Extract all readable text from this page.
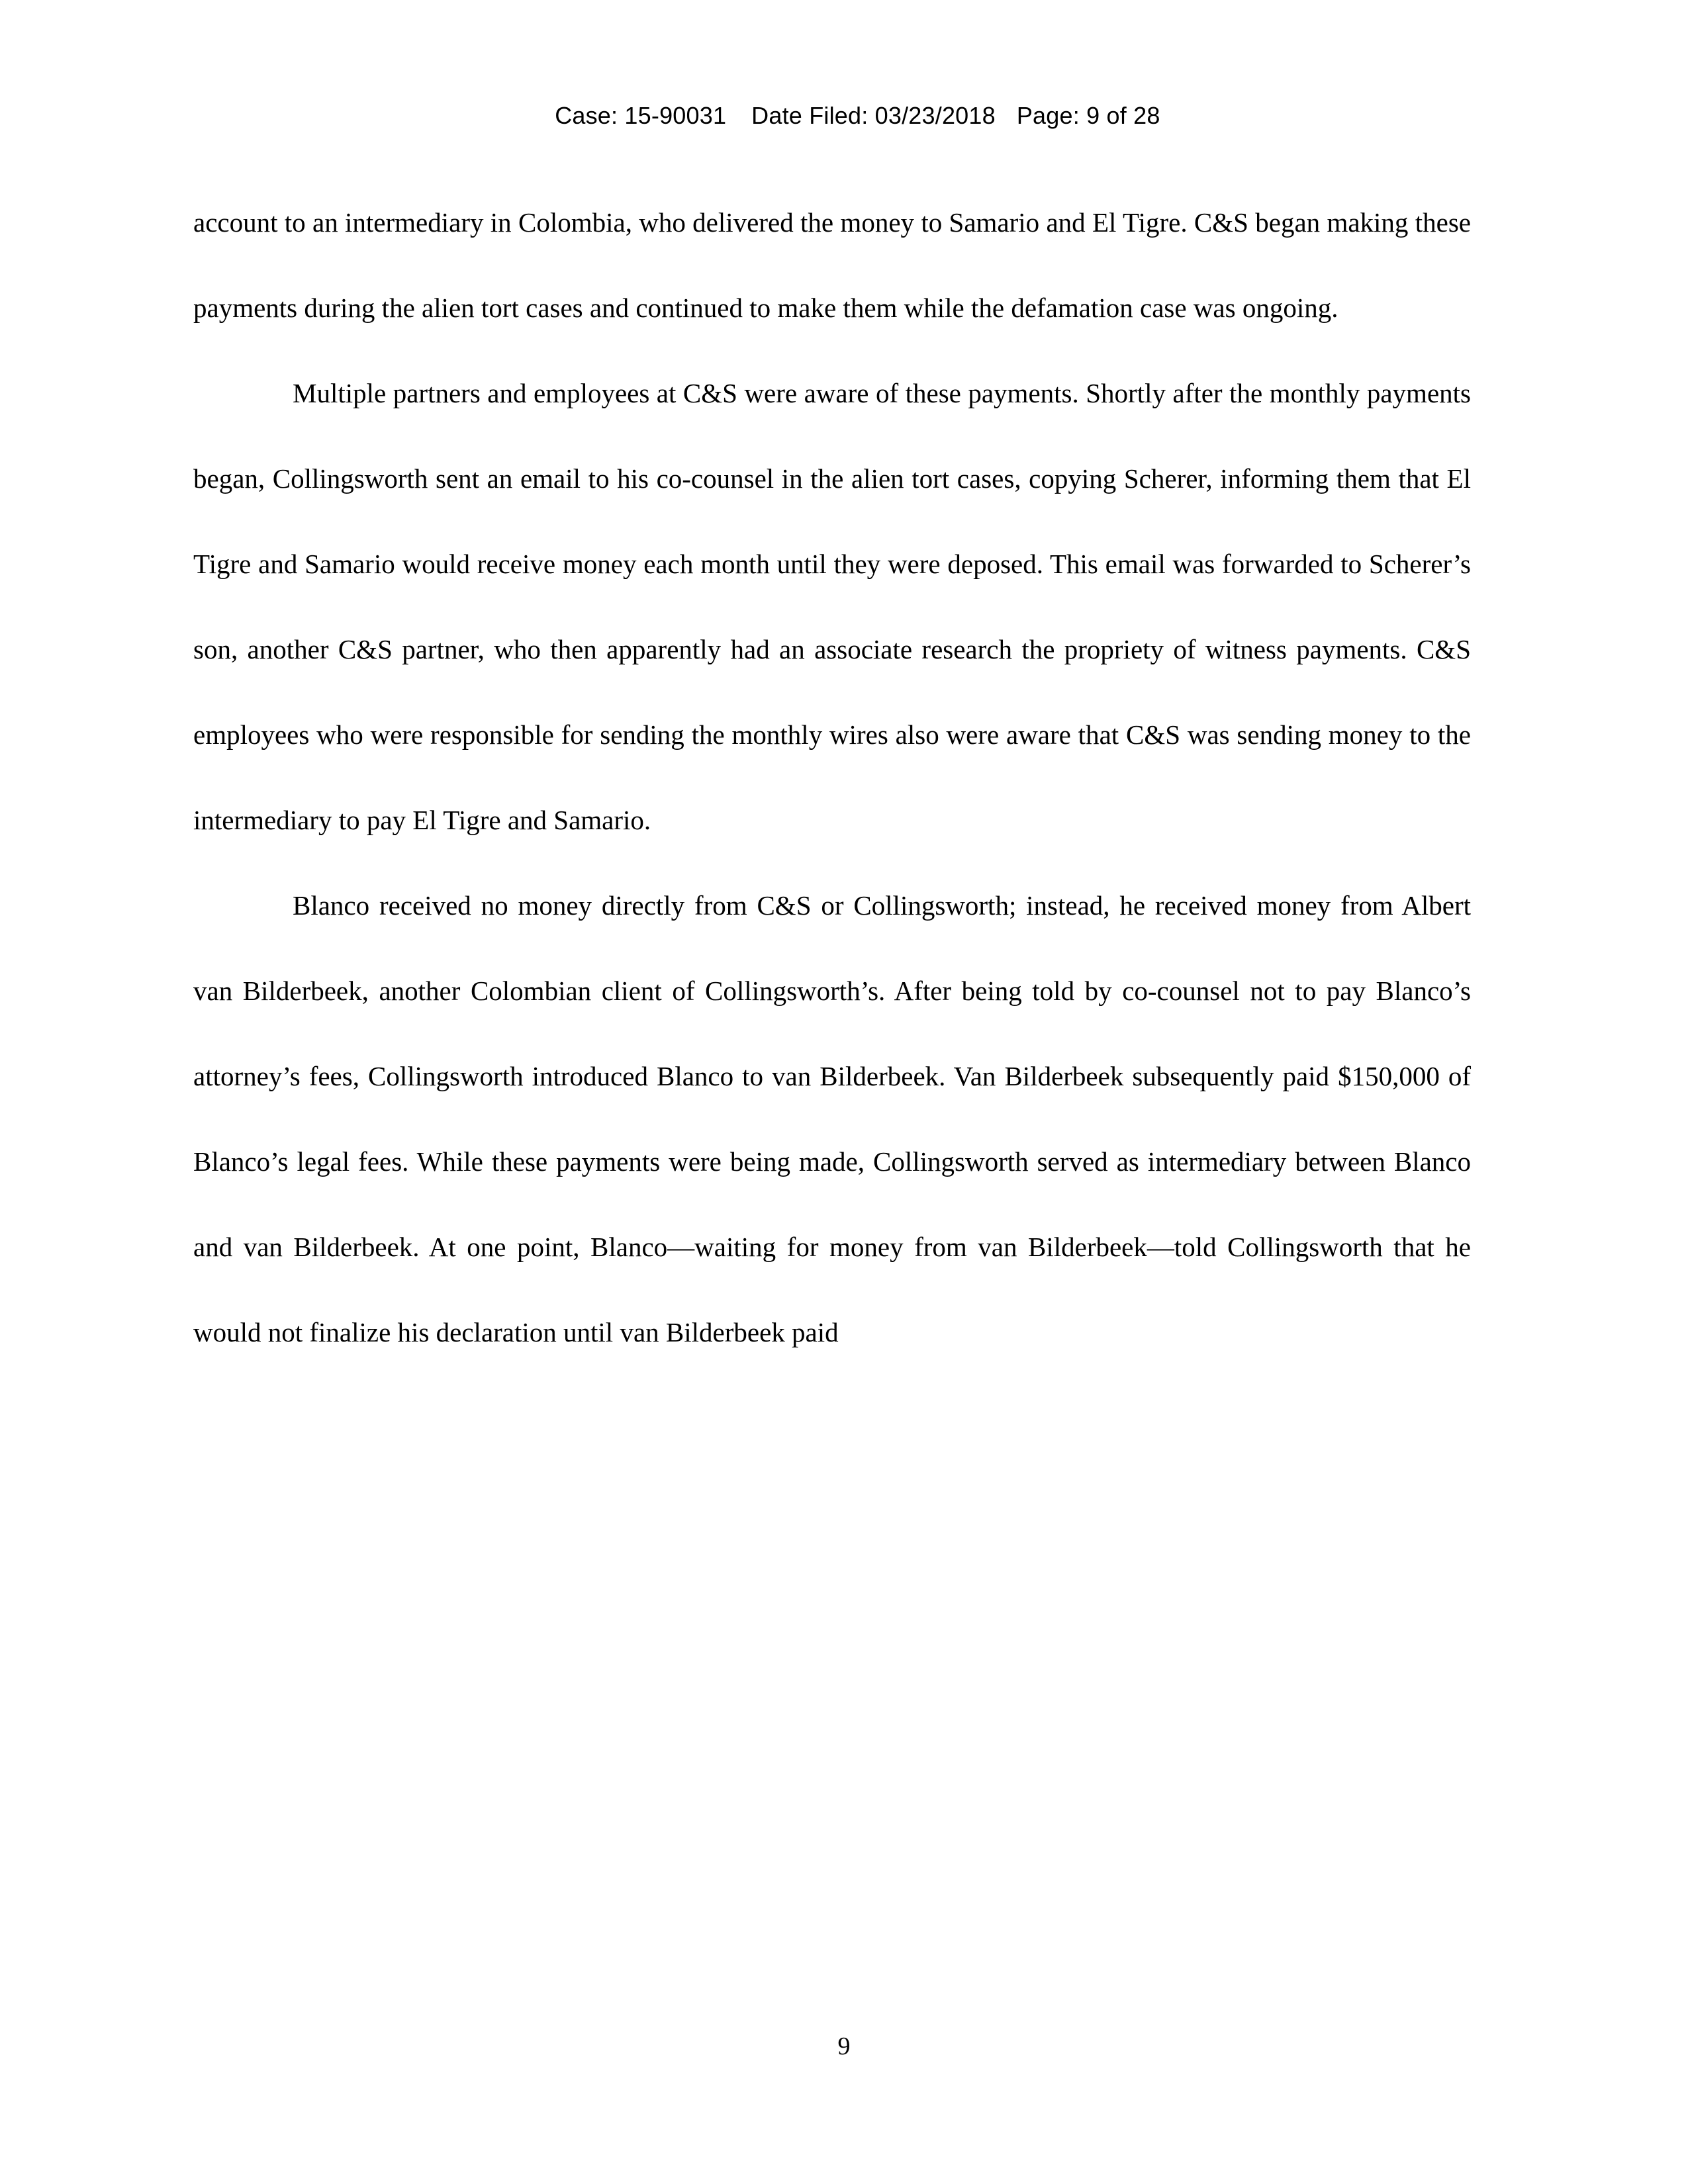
Case: 15-90031 Date Filed: 03/23/2018 Page: 9 of 28

account to an intermediary in Colombia, who delivered the money to Samario and El Tigre. C&S began making these payments during the alien tort cases and continued to make them while the defamation case was ongoing.

Multiple partners and employees at C&S were aware of these payments. Shortly after the monthly payments began, Collingsworth sent an email to his co-counsel in the alien tort cases, copying Scherer, informing them that El Tigre and Samario would receive money each month until they were deposed. This email was forwarded to Scherer’s son, another C&S partner, who then apparently had an associate research the propriety of witness payments. C&S employees who were responsible for sending the monthly wires also were aware that C&S was sending money to the intermediary to pay El Tigre and Samario.

Blanco received no money directly from C&S or Collingsworth; instead, he received money from Albert van Bilderbeek, another Colombian client of Collingsworth’s. After being told by co-counsel not to pay Blanco’s attorney’s fees, Collingsworth introduced Blanco to van Bilderbeek. Van Bilderbeek subsequently paid $150,000 of Blanco’s legal fees. While these payments were being made, Collingsworth served as intermediary between Blanco and van Bilderbeek. At one point, Blanco—waiting for money from van Bilderbeek—told Collingsworth that he would not finalize his declaration until van Bilderbeek paid

9
